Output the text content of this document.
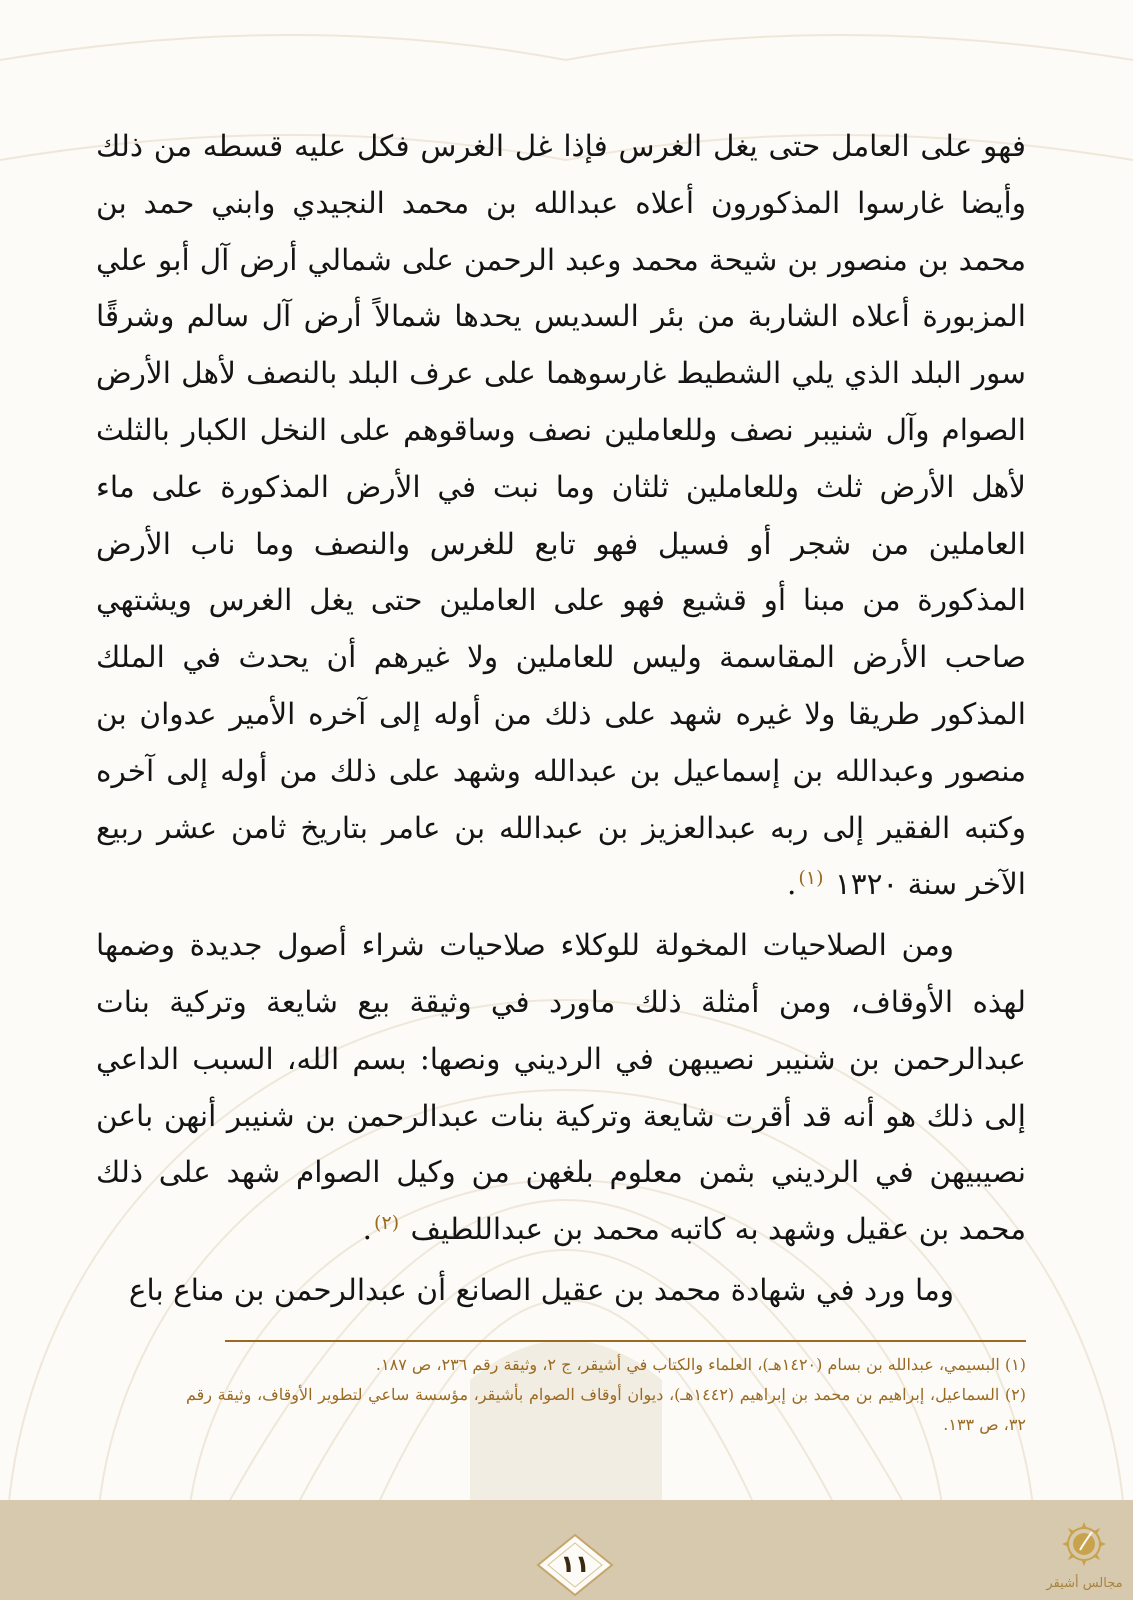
فهو على العامل حتى يغل الغرس فإذا غل الغرس فكل عليه قسطه من ذلك وأيضا غارسوا المذكورون أعلاه عبدالله بن محمد النجيدي وابني حمد بن محمد بن منصور بن شيحة محمد وعبد الرحمن على شمالي أرض آل أبو علي المزبورة أعلاه الشاربة من بئر السديس يحدها شمالاً أرض آل سالم وشرقًا سور البلد الذي يلي الشطيط غارسوهما على عرف البلد بالنصف لأهل الأرض الصوام وآل شنيبر نصف وللعاملين نصف وساقوهم على النخل الكبار بالثلث لأهل الأرض ثلث وللعاملين ثلثان وما نبت في الأرض المذكورة على ماء العاملين من شجر أو فسيل فهو تابع للغرس والنصف وما ناب الأرض المذكورة من مبنا أو قشيع فهو على العاملين حتى يغل الغرس ويشتهي صاحب الأرض المقاسمة وليس للعاملين ولا غيرهم أن يحدث في الملك المذكور طريقا ولا غيره شهد على ذلك من أوله إلى آخره الأمير عدوان بن منصور وعبدالله بن إسماعيل بن عبدالله وشهد على ذلك من أوله إلى آخره وكتبه الفقير إلى ربه عبدالعزيز بن عبدالله بن عامر بتاريخ ثامن عشر ربيع الآخر سنة ١٣٢٠ $^{(١)}$.

ومن الصلاحيات المخولة للوكلاء صلاحيات شراء أصول جديدة وضمها لهذه الأوقاف، ومن أمثلة ذلك ماورد في وثيقة بيع شايعة وتركية بنات عبدالرحمن بن شنيبر نصيبهن في الرديني ونصها: بسم الله، السبب الداعي إلى ذلك هو أنه قد أقرت شايعة وتركية بنات عبدالرحمن بن شنيبر أنهن باعن نصيبيهن في الرديني بثمن معلوم بلغهن من وكيل الصوام شهد على ذلك محمد بن عقيل وشهد به كاتبه محمد بن عبداللطيف $^{(٢)}$.

وما ورد في شهادة محمد بن عقيل الصانع أن عبدالرحمن بن مناع باع

(١) البسيمي، عبدالله بن بسام (١٤٢٠هـ)، العلماء والكتاب في أشيقر، ج ٢، وثيقة رقم ٢٣٦، ص ١٨٧.

(٢) السماعيل، إبراهيم بن محمد بن إبراهيم (١٤٤٢هـ)، ديوان أوقاف الصوام بأشيقر، مؤسسة ساعي لتطوير الأوقاف، وثيقة رقم ٣٢، ص ١٣٣.

١١
مجالس أشيقر
